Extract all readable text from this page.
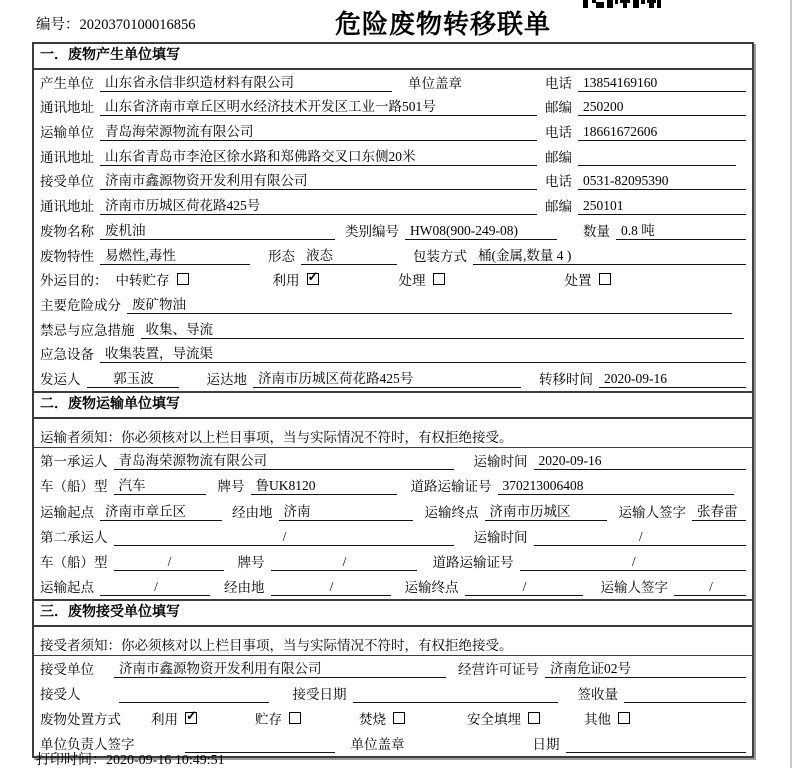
编号：2020370100016856	危险废物转移联单
一．废物产生单位填写
产生单位 山东省永信非织造材料有限公司	单位盖章	电话 13854169160
通讯地址 山东省济南市章丘区明水经济技术开发区工业一路501号	邮编 250200
运输单位 青岛海荣源物流有限公司	电话 18661672606
通讯地址 山东省青岛市李沧区徐水路和郑佛路交叉口东侧20米	邮编
接受单位 济南市鑫源物资开发利用有限公司	电话 0531-82095390
通讯地址 济南市历城区荷花路425号	邮编 250101
废物名称 废机油	类别编号 HW08(900-249-08)	数量 0.8 吨
废物特性 易燃性,毒性	形态 液态	包装方式 桶(金属,数量 4 )
外运目的： 中转贮存	利用 ✓	处理	处置
主要危险成分 废矿物油
禁忌与应急措施 收集、导流
应急设备 收集装置，导流渠
发运人	郭玉波	运达地 济南市历城区荷花路425号	转移时间 2020-09-16
二．废物运输单位填写
运输者须知：你必须核对以上栏目事项，当与实际情况不符时，有权拒绝接受。
第一承运人 青岛海荣源物流有限公司	运输时间 2020-09-16
车（船）型 汽车	牌号 鲁UK8120	道路运输证号 370213006408
运输起点 济南市章丘区	经由地 济南	运输终点 济南市历城区	运输人签字 张春雷
第二承运人	/	运输时间	/
车（船）型	/	牌号	/	道路运输证号	/
运输起点	/	经由地	/	运输终点	/	运输人签字	/
三．废物接受单位填写
接受者须知：你必须核对以上栏目事项，当与实际情况不符时，有权拒绝接受。
接受单位	济南市鑫源物资开发利用有限公司	经营许可证号 济南危证02号
接受人	接受日期	签收量
废物处置方式 利用 ✓	贮存	焚烧	安全填埋	其他
单位负责人签字	单位盖章	日期
打印时间：2020-09-16 10:49:51
